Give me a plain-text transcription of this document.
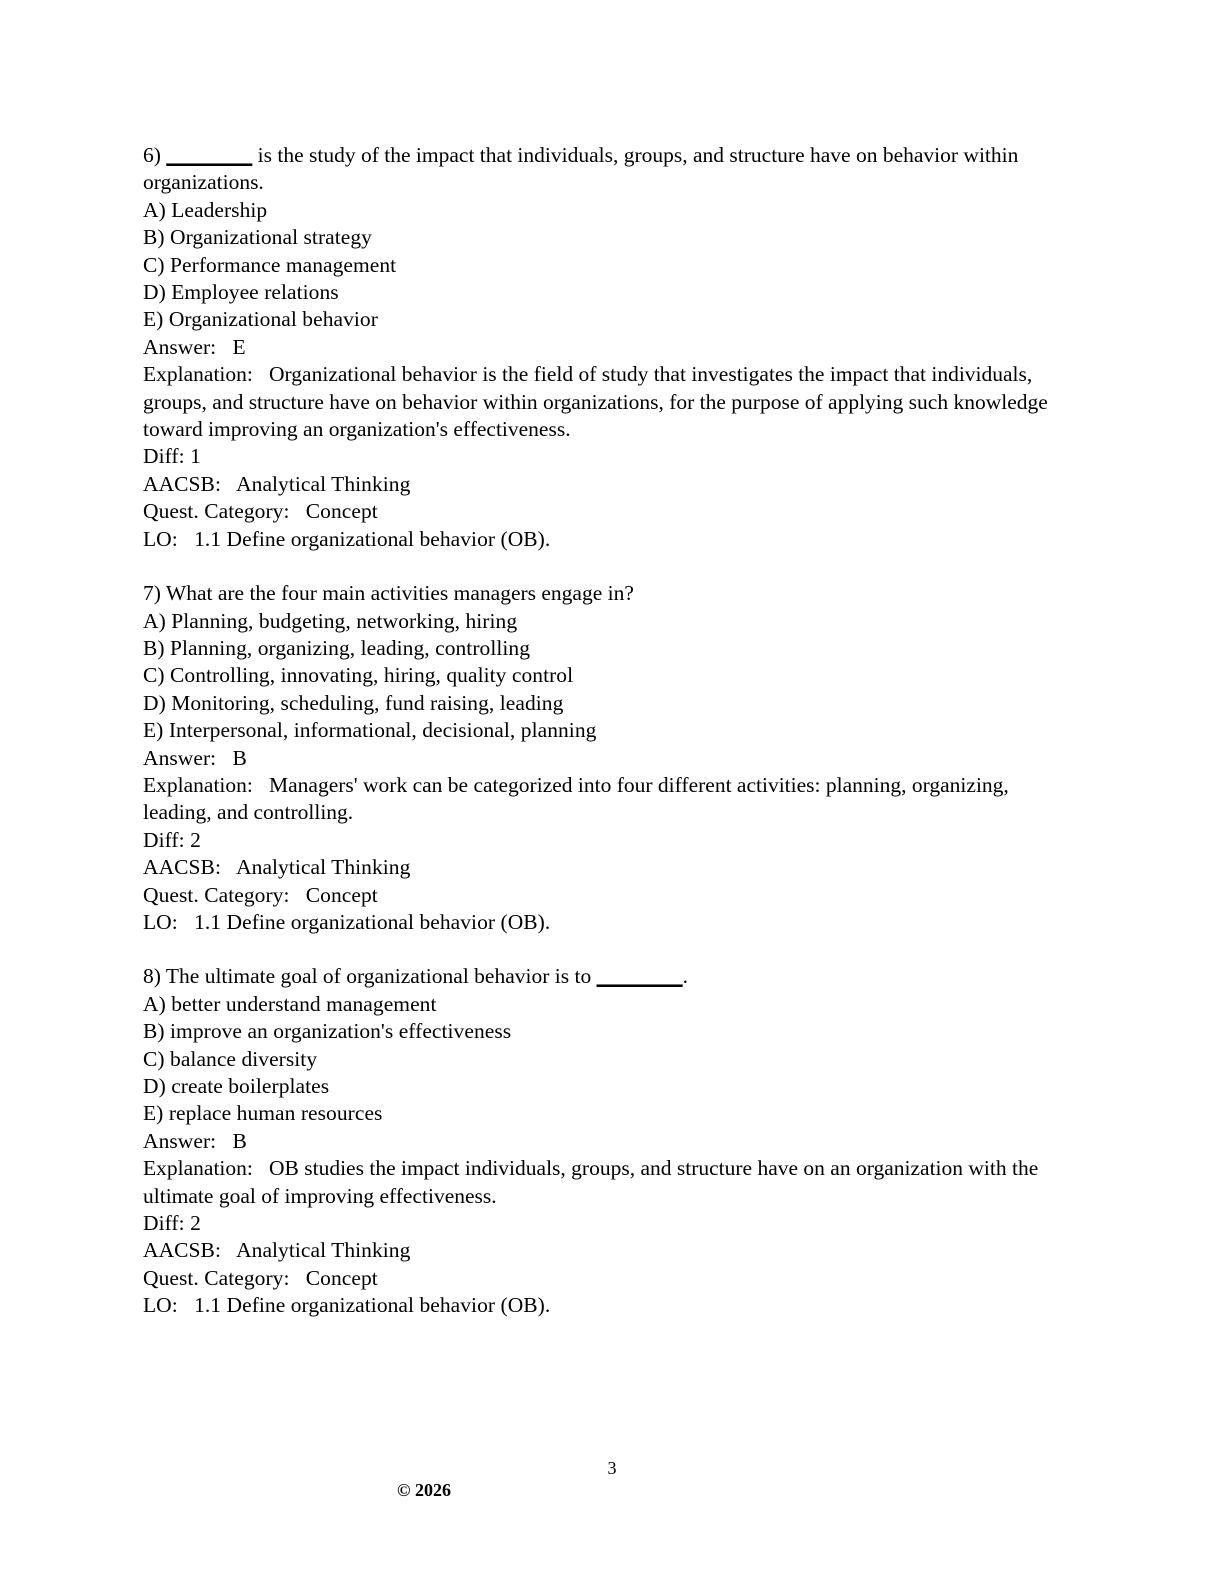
6) ________ is the study of the impact that individuals, groups, and structure have on behavior within organizations.
A) Leadership
B) Organizational strategy
C) Performance management
D) Employee relations
E) Organizational behavior
Answer: E
Explanation: Organizational behavior is the field of study that investigates the impact that individuals, groups, and structure have on behavior within organizations, for the purpose of applying such knowledge toward improving an organization's effectiveness.
Diff: 1
AACSB: Analytical Thinking
Quest. Category: Concept
LO: 1.1 Define organizational behavior (OB).
7) What are the four main activities managers engage in?
A) Planning, budgeting, networking, hiring
B) Planning, organizing, leading, controlling
C) Controlling, innovating, hiring, quality control
D) Monitoring, scheduling, fund raising, leading
E) Interpersonal, informational, decisional, planning
Answer: B
Explanation: Managers' work can be categorized into four different activities: planning, organizing, leading, and controlling.
Diff: 2
AACSB: Analytical Thinking
Quest. Category: Concept
LO: 1.1 Define organizational behavior (OB).
8) The ultimate goal of organizational behavior is to ________.
A) better understand management
B) improve an organization's effectiveness
C) balance diversity
D) create boilerplates
E) replace human resources
Answer: B
Explanation: OB studies the impact individuals, groups, and structure have on an organization with the ultimate goal of improving effectiveness.
Diff: 2
AACSB: Analytical Thinking
Quest. Category: Concept
LO: 1.1 Define organizational behavior (OB).
3
© 2026
